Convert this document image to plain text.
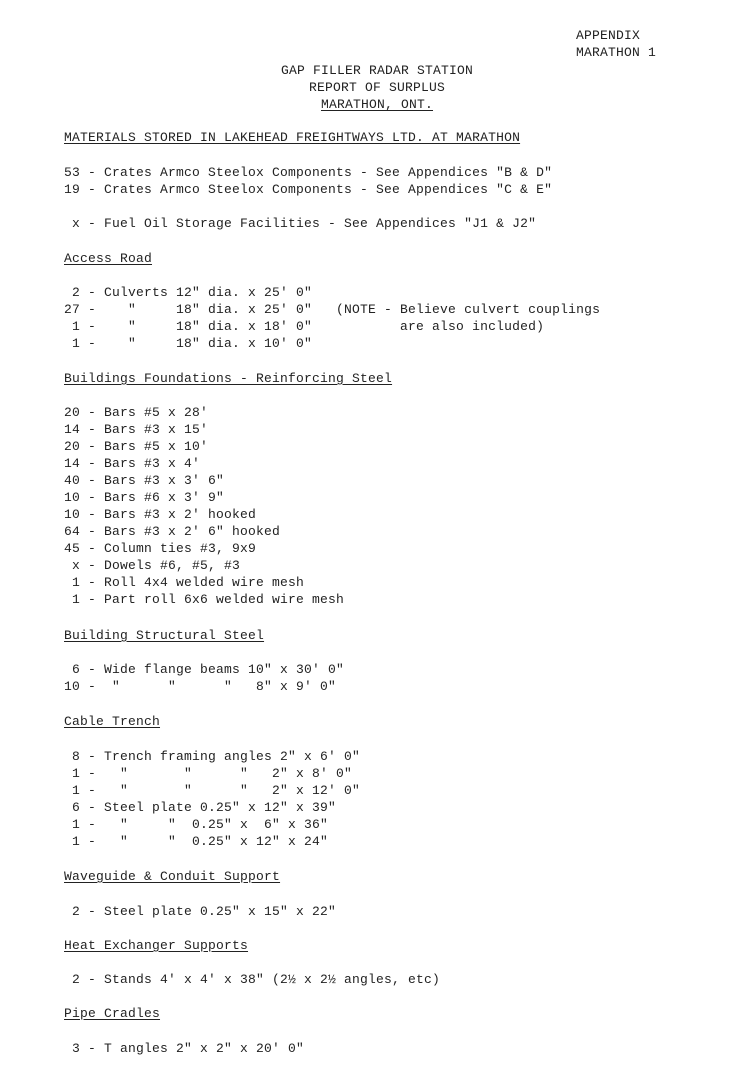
APPENDIX
MARATHON 1
GAP FILLER RADAR STATION
REPORT OF SURPLUS
MARATHON, ONT.
MATERIALS STORED IN LAKEHEAD FREIGHTWAYS LTD. AT MARATHON
53 - Crates Armco Steelox Components - See Appendices "B & D"
19 - Crates Armco Steelox Components - See Appendices "C & E"
x - Fuel Oil Storage Facilities - See Appendices "J1 & J2"
Access Road
2 - Culverts 12" dia. x 25' 0"
27 -    "     18" dia. x 25' 0"   (NOTE - Believe culvert couplings
1 -    "     18" dia. x 18' 0"           are also included)
1 -    "     18" dia. x 10' 0"
Buildings Foundations - Reinforcing Steel
20 - Bars #5 x 28'
14 - Bars #3 x 15'
20 - Bars #5 x 10'
14 - Bars #3 x 4'
40 - Bars #3 x 3' 6"
10 - Bars #6 x 3' 9"
10 - Bars #3 x 2' hooked
64 - Bars #3 x 2' 6" hooked
45 - Column ties #3, 9x9
x - Dowels #6, #5, #3
1 - Roll 4x4 welded wire mesh
1 - Part roll 6x6 welded wire mesh
Building Structural Steel
6 - Wide flange beams 10" x 30' 0"
10 -  "      "      "   8" x 9' 0"
Cable Trench
8 - Trench framing angles 2" x 6' 0"
1 -   "       "      "   2" x 8' 0"
1 -   "       "      "   2" x 12' 0"
6 - Steel plate 0.25" x 12" x 39"
1 -   "     "  0.25" x  6" x 36"
1 -   "     "  0.25" x 12" x 24"
Waveguide & Conduit Support
2 - Steel plate 0.25" x 15" x 22"
Heat Exchanger Supports
2 - Stands 4' x 4' x 38" (2½ x 2½ angles, etc)
Pipe Cradles
3 - T angles 2" x 2" x 20' 0"
